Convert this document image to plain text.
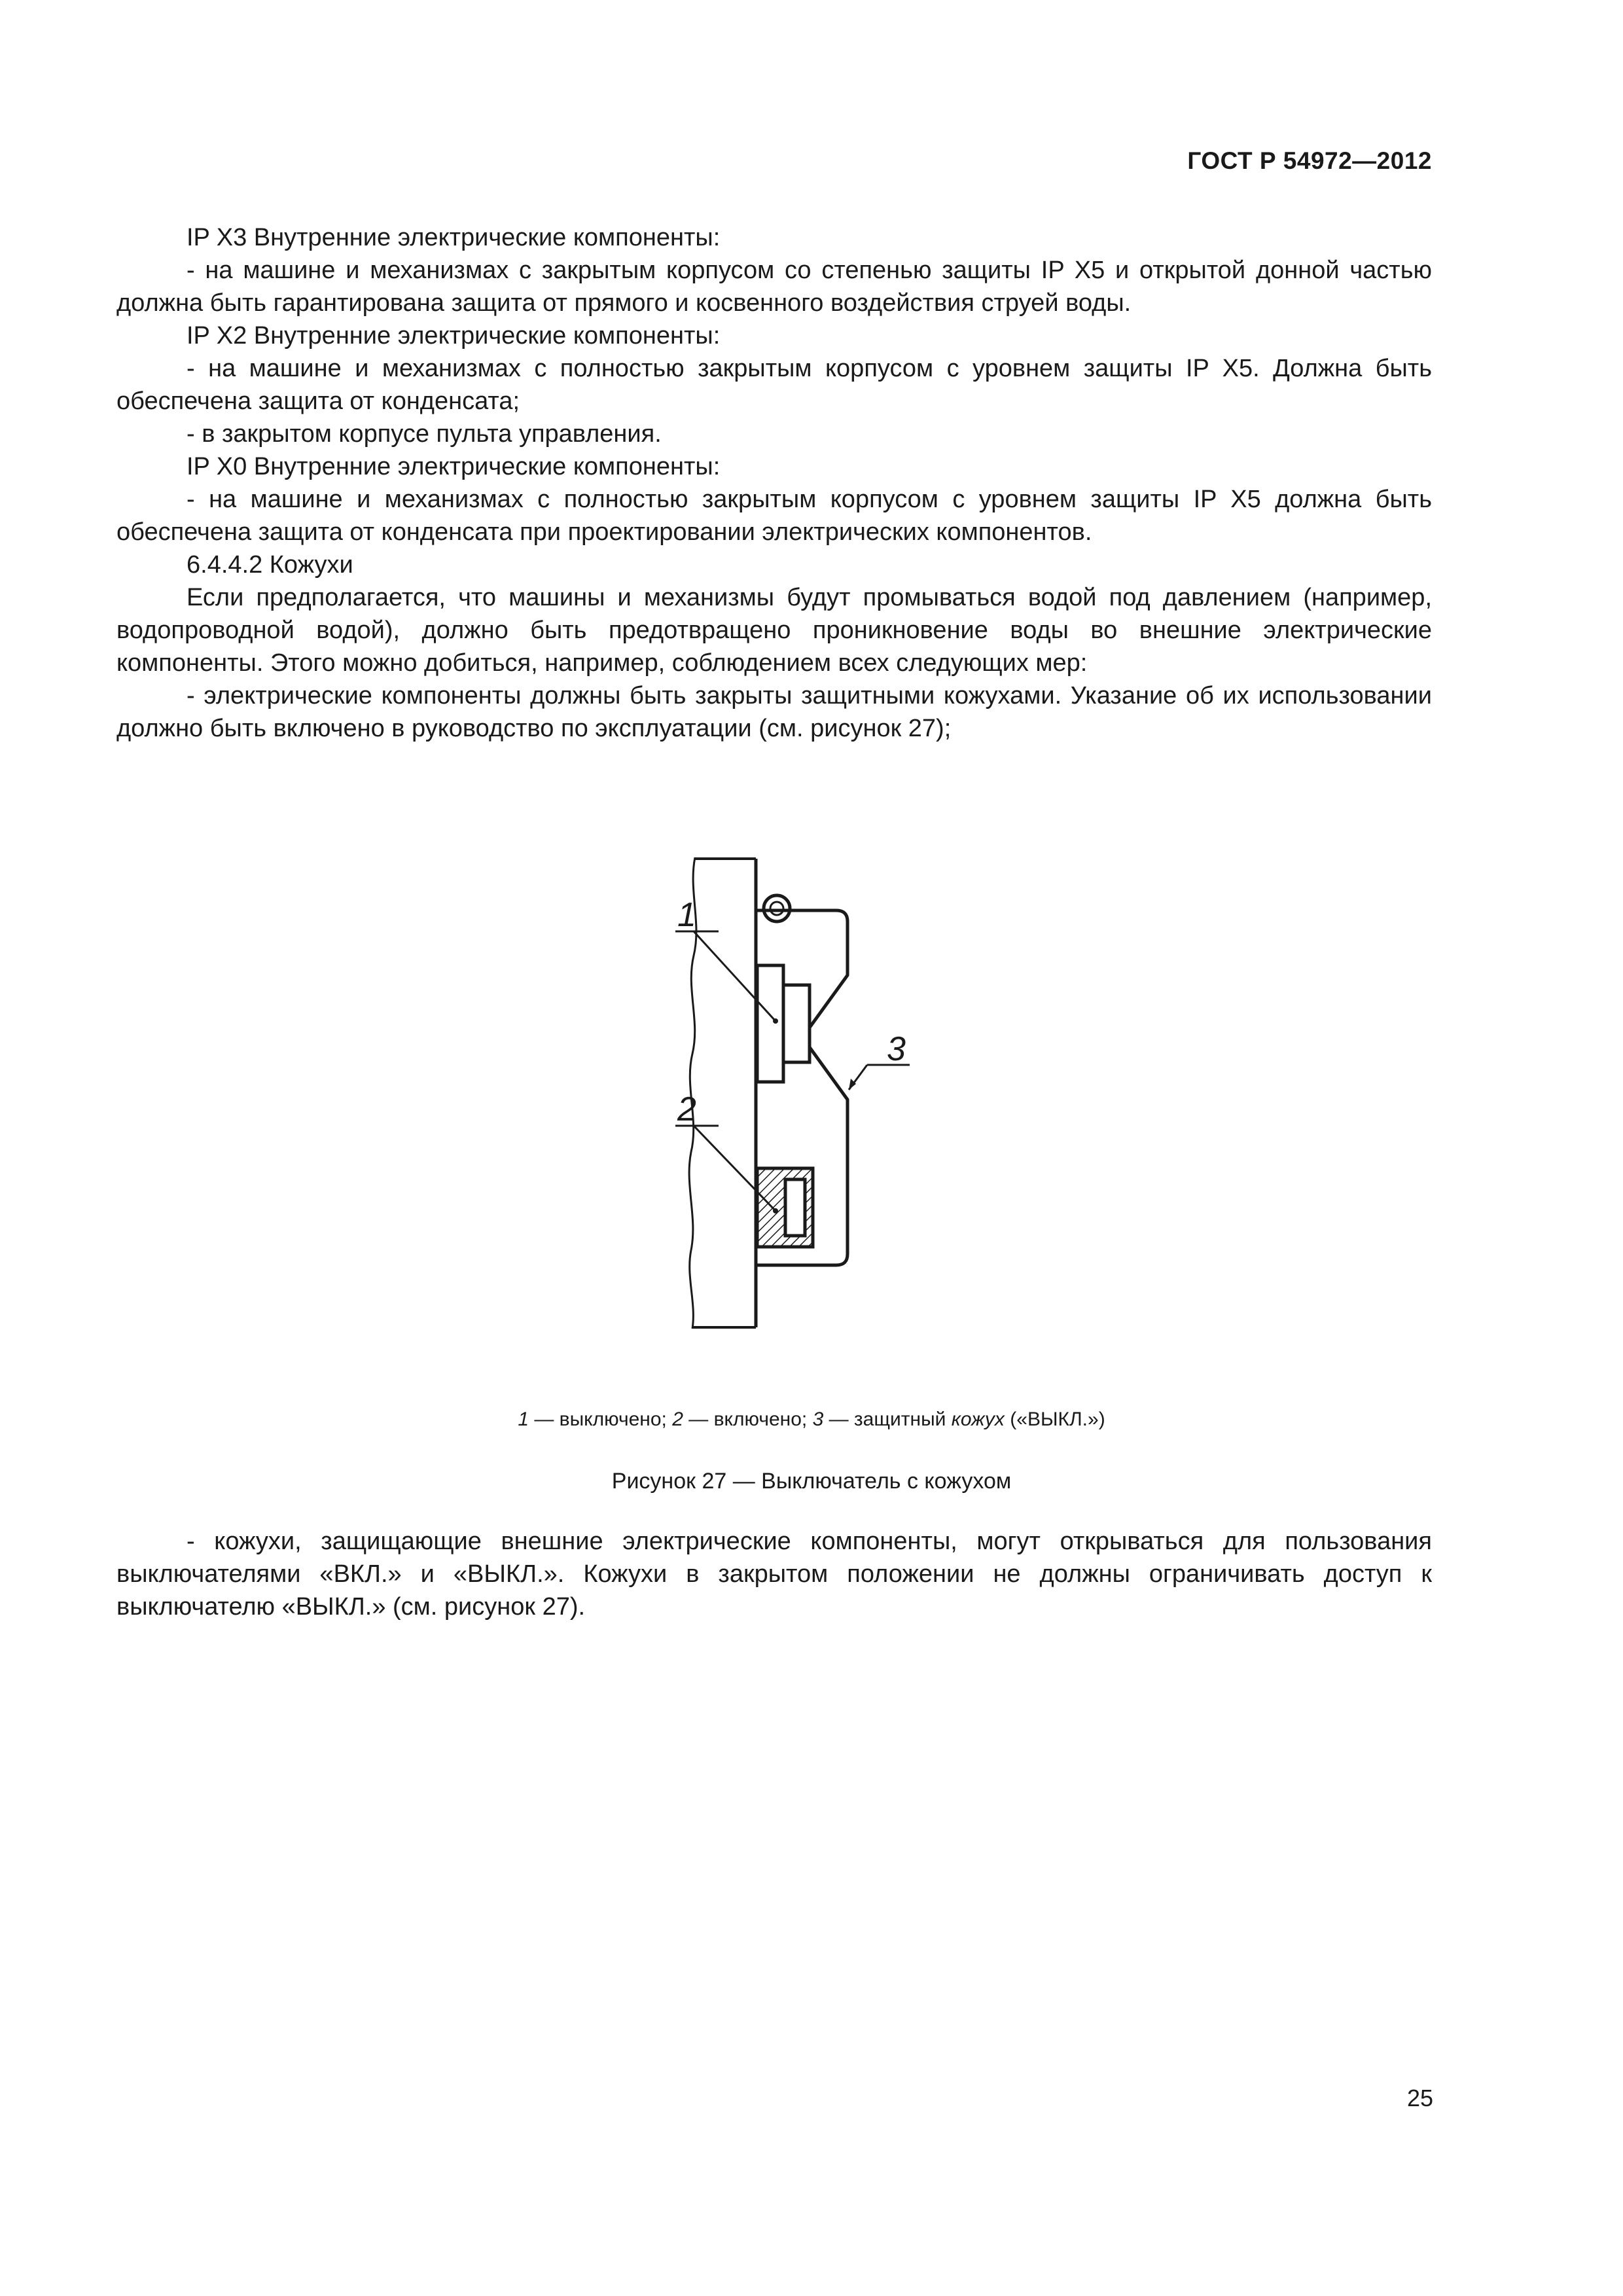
ГОСТ Р 54972—2012

IP X3 Внутренние электрические компоненты:

- на машине и механизмах с закрытым корпусом со степенью защиты IP X5 и открытой донной частью должна быть гарантирована защита от прямого и косвенного воздействия струей воды.

IP X2 Внутренние электрические компоненты:

- на машине и механизмах с полностью закрытым корпусом с уровнем защиты IP X5. Должна быть обеспечена защита от конденсата;

- в закрытом корпусе пульта управления.

IP X0 Внутренние электрические компоненты:

- на машине и механизмах с полностью закрытым корпусом с уровнем защиты IP X5 должна быть обеспечена защита от конденсата при проектировании электрических компонентов.

6.4.4.2 Кожухи

Если предполагается, что машины и механизмы будут промываться водой под давлением (например, водопроводной водой), должно быть предотвращено проникновение воды во внешние электрические компоненты. Этого можно добиться, например, соблюдением всех следующих мер:

- электрические компоненты должны быть закрыты защитными кожухами. Указание об их использовании должно быть включено в руководство по эксплуатации (см. рисунок 27);

1
2
3
1 — выключено; 2 — включено; 3 — защитный кожух («ВЫКЛ.»)
Рисунок 27 — Выключатель с кожухом

- кожухи, защищающие внешние электрические компоненты, могут открываться для пользования выключателями «ВКЛ.» и «ВЫКЛ.». Кожухи в закрытом положении не должны ограничивать доступ к выключателю «ВЫКЛ.» (см. рисунок 27).

25
